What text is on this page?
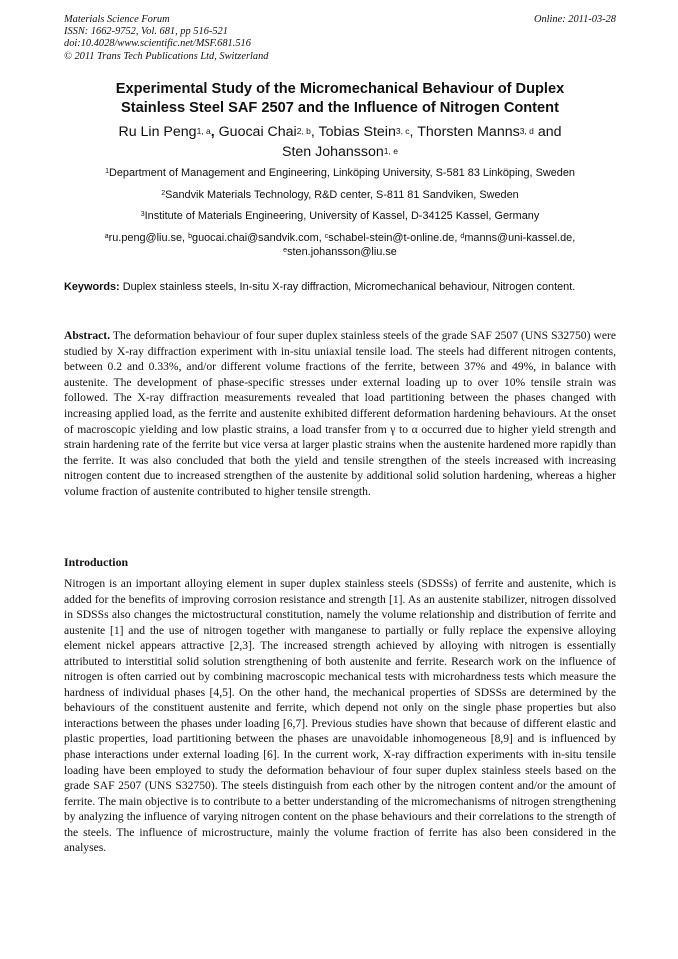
Materials Science Forum
ISSN: 1662-9752, Vol. 681, pp 516-521
doi:10.4028/www.scientific.net/MSF.681.516
© 2011 Trans Tech Publications Ltd, Switzerland
Online: 2011-03-28
Experimental Study of the Micromechanical Behaviour of Duplex
Stainless Steel SAF 2507 and the Influence of Nitrogen Content
Ru Lin Peng$^{1, a}$, Guocai Chai$^{2, b}$, Tobias Stein$^{3, c}$, Thorsten Manns$^{3, d}$ and
Sten Johansson$^{1, e}$
$^1$Department of Management and Engineering, Linköping University, S-581 83 Linköping, Sweden
$^2$Sandvik Materials Technology, R&D center, S-811 81 Sandviken, Sweden
$^3$Institute of Materials Engineering, University of Kassel, D-34125 Kassel, Germany
$^a$ru.peng@liu.se, $^b$guocai.chai@sandvik.com, $^c$schabel-stein@t-online.de, $^d$manns@uni-kassel.de,
$^e$sten.johansson@liu.se
Keywords: Duplex stainless steels, In-situ X-ray diffraction, Micromechanical behaviour, Nitrogen content.
Abstract. The deformation behaviour of four super duplex stainless steels of the grade SAF 2507 (UNS S32750) were studied by X-ray diffraction experiment with in-situ uniaxial tensile load. The steels had different nitrogen contents, between 0.2 and 0.33%, and/or different volume fractions of the ferrite, between 37% and 49%, in balance with austenite. The development of phase-specific stresses under external loading up to over 10% tensile strain was followed. The X-ray diffraction measurements revealed that load partitioning between the phases changed with increasing applied load, as the ferrite and austenite exhibited different deformation hardening behaviours. At the onset of macroscopic yielding and low plastic strains, a load transfer from γ to α occurred due to higher yield strength and strain hardening rate of the ferrite but vice versa at larger plastic strains when the austenite hardened more rapidly than the ferrite. It was also concluded that both the yield and tensile strengthen of the steels increased with increasing nitrogen content due to increased strengthen of the austenite by additional solid solution hardening, whereas a higher volume fraction of austenite contributed to higher tensile strength.
Introduction
Nitrogen is an important alloying element in super duplex stainless steels (SDSSs) of ferrite and austenite, which is added for the benefits of improving corrosion resistance and strength [1]. As an austenite stabilizer, nitrogen dissolved in SDSSs also changes the mictostructural constitution, namely the volume relationship and distribution of ferrite and austenite [1] and the use of nitrogen together with manganese to partially or fully replace the expensive alloying element nickel appears attractive [2,3]. The increased strength achieved by alloying with nitrogen is essentially attributed to interstitial solid solution strengthening of both austenite and ferrite. Research work on the influence of nitrogen is often carried out by combining macroscopic mechanical tests with microhardness tests which measure the hardness of individual phases [4,5]. On the other hand, the mechanical properties of SDSSs are determined by the behaviours of the constituent austenite and ferrite, which depend not only on the single phase properties but also interactions between the phases under loading [6,7]. Previous studies have shown that because of different elastic and plastic properties, load partitioning between the phases are unavoidable inhomogeneous [8,9] and is influenced by phase interactions under external loading [6]. In the current work, X-ray diffraction experiments with in-situ tensile loading have been employed to study the deformation behaviour of four super duplex stainless steels based on the grade SAF 2507 (UNS S32750). The steels distinguish from each other by the nitrogen content and/or the amount of ferrite. The main objective is to contribute to a better understanding of the micromechanisms of nitrogen strengthening by analyzing the influence of varying nitrogen content on the phase behaviours and their correlations to the strength of the steels. The influence of microstructure, mainly the volume fraction of ferrite has also been considered in the analyses.
